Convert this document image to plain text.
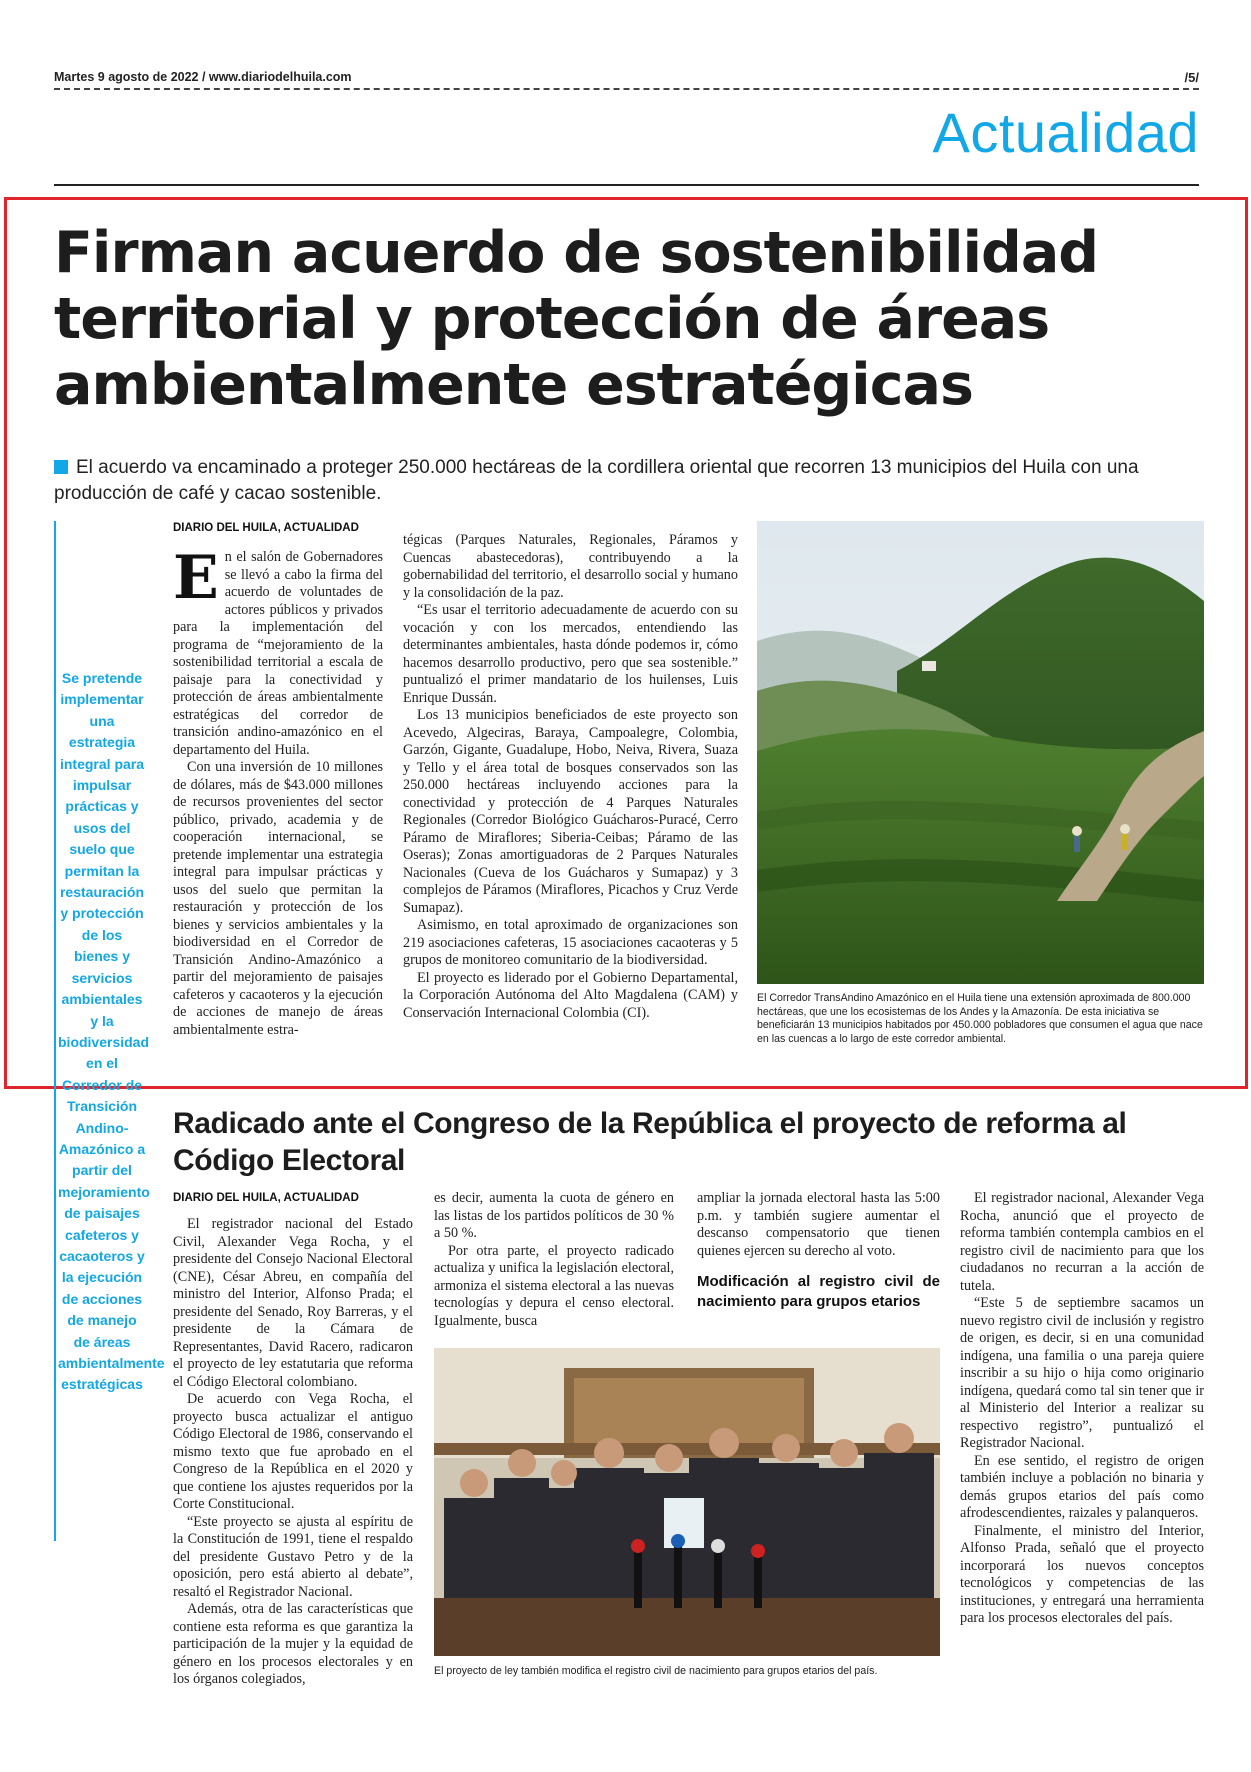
Martes 9 agosto de 2022 / www.diariodelhuila.com	/5/
Actualidad
Firman acuerdo de sostenibilidad territorial y protección de áreas ambientalmente estratégicas
El acuerdo va encaminado a proteger 250.000 hectáreas de la cordillera oriental que recorren 13 municipios del Huila con una producción de café y cacao sostenible.
Se pretende implementar una estrategia integral para impulsar prácticas y usos del suelo que permitan la restauración y protección de los bienes y servicios ambientales y la biodiversidad en el Corredor de Transición Andino-Amazónico a partir del mejoramiento de paisajes cafeteros y cacaoteros y la ejecución de acciones de manejo de áreas ambientalmente estratégicas
DIARIO DEL HUILA, ACTUALIDAD

En el salón de Gobernadores se llevó a cabo la firma del acuerdo de voluntades de actores públicos y privados para la implementación del programa de “mejoramiento de la sostenibilidad territorial a escala de paisaje para la conectividad y protección de áreas ambientalmente estratégicas del corredor de transición andino-amazónico en el departamento del Huila.

Con una inversión de 10 millones de dólares, más de $43.000 millones de recursos provenientes del sector público, privado, academia y de cooperación internacional, se pretende implementar una estrategia integral para impulsar prácticas y usos del suelo que permitan la restauración y protección de los bienes y servicios ambientales y la biodiversidad en el Corredor de Transición Andino-Amazónico a partir del mejoramiento de paisajes cafeteros y cacaoteros y la ejecución de acciones de manejo de áreas ambientalmente estra-

tégicas (Parques Naturales, Regionales, Páramos y Cuencas abastecedoras), contribuyendo a la gobernabilidad del territorio, el desarrollo social y humano y la consolidación de la paz.

“Es usar el territorio adecuadamente de acuerdo con su vocación y con los mercados, entendiendo las determinantes ambientales, hasta dónde podemos ir, cómo hacemos desarrollo productivo, pero que sea sostenible.” puntualizó el primer mandatario de los huilenses, Luis Enrique Dussán.

Los 13 municipios beneficiados de este proyecto son Acevedo, Algeciras, Baraya, Campoalegre, Colombia, Garzón, Gigante, Guadalupe, Hobo, Neiva, Rivera, Suaza y Tello y el área total de bosques conservados son las 250.000 hectáreas incluyendo acciones para la conectividad y protección de 4 Parques Naturales Regionales (Corredor Biológico Guácharos-Puracé, Cerro Páramo de Miraflores; Siberia-Ceibas; Páramo de las Oseras); Zonas amortiguadoras de 2 Parques Naturales Nacionales (Cueva de los Guácharos y Sumapaz) y 3 complejos de Páramos (Miraflores, Picachos y Cruz Verde Sumapaz).

Asimismo, en total aproximado de organizaciones son 219 asociaciones cafeteras, 15 asociaciones cacaoteras y 5 grupos de monitoreo comunitario de la biodiversidad.

El proyecto es liderado por el Gobierno Departamental, la Corporación Autónoma del Alto Magdalena (CAM) y Conservación Internacional Colombia (CI).

El Corredor TransAndino Amazónico en el Huila tiene una extensión aproximada de 800.000 hectáreas, que une los ecosistemas de los Andes y la Amazonía. De esta iniciativa se beneficiarán 13 municipios habitados por 450.000 pobladores que consumen el agua que nace en las cuencas a lo largo de este corredor ambiental.
Radicado ante el Congreso de la República el proyecto de reforma al Código Electoral
DIARIO DEL HUILA, ACTUALIDAD

El registrador nacional del Estado Civil, Alexander Vega Rocha, y el presidente del Consejo Nacional Electoral (CNE), César Abreu, en compañía del ministro del Interior, Alfonso Prada; el presidente del Senado, Roy Barreras, y el presidente de la Cámara de Representantes, David Racero, radicaron el proyecto de ley estatutaria que reforma el Código Electoral colombiano.

De acuerdo con Vega Rocha, el proyecto busca actualizar el antiguo Código Electoral de 1986, conservando el mismo texto que fue aprobado en el Congreso de la República en el 2020 y que contiene los ajustes requeridos por la Corte Constitucional.

“Este proyecto se ajusta al espíritu de la Constitución de 1991, tiene el respaldo del presidente Gustavo Petro y de la oposición, pero está abierto al debate”, resaltó el Registrador Nacional.

Además, otra de las características que contiene esta reforma es que garantiza la participación de la mujer y la equidad de género en los procesos electorales y en los órganos colegiados,

es decir, aumenta la cuota de género en las listas de los partidos políticos de 30 % a 50 %.

Por otra parte, el proyecto radicado actualiza y unifica la legislación electoral, armoniza el sistema electoral a las nuevas tecnologías y depura el censo electoral. Igualmente, busca

ampliar la jornada electoral hasta las 5:00 p.m. y también sugiere aumentar el descanso compensatorio que tienen quienes ejercen su derecho al voto.

Modificación al registro civil de nacimiento para grupos etarios

El registrador nacional, Alexander Vega Rocha, anunció que el proyecto de reforma también contempla cambios en el registro civil de nacimiento para que los ciudadanos no recurran a la acción de tutela.

“Este 5 de septiembre sacamos un nuevo registro civil de inclusión y registro de origen, es decir, si en una comunidad indígena, una familia o una pareja quiere inscribir a su hijo o hija como originario indígena, quedará como tal sin tener que ir al Ministerio del Interior a realizar su respectivo registro”, puntualizó el Registrador Nacional.

En ese sentido, el registro de origen también incluye a población no binaria y demás grupos etarios del país como afrodescendientes, raizales y palanqueros.

Finalmente, el ministro del Interior, Alfonso Prada, señaló que el proyecto incorporará los nuevos conceptos tecnológicos y competencias de las instituciones, y entregará una herramienta para los procesos electorales del país.

El proyecto de ley también modifica el registro civil de nacimiento para grupos etarios del país.
